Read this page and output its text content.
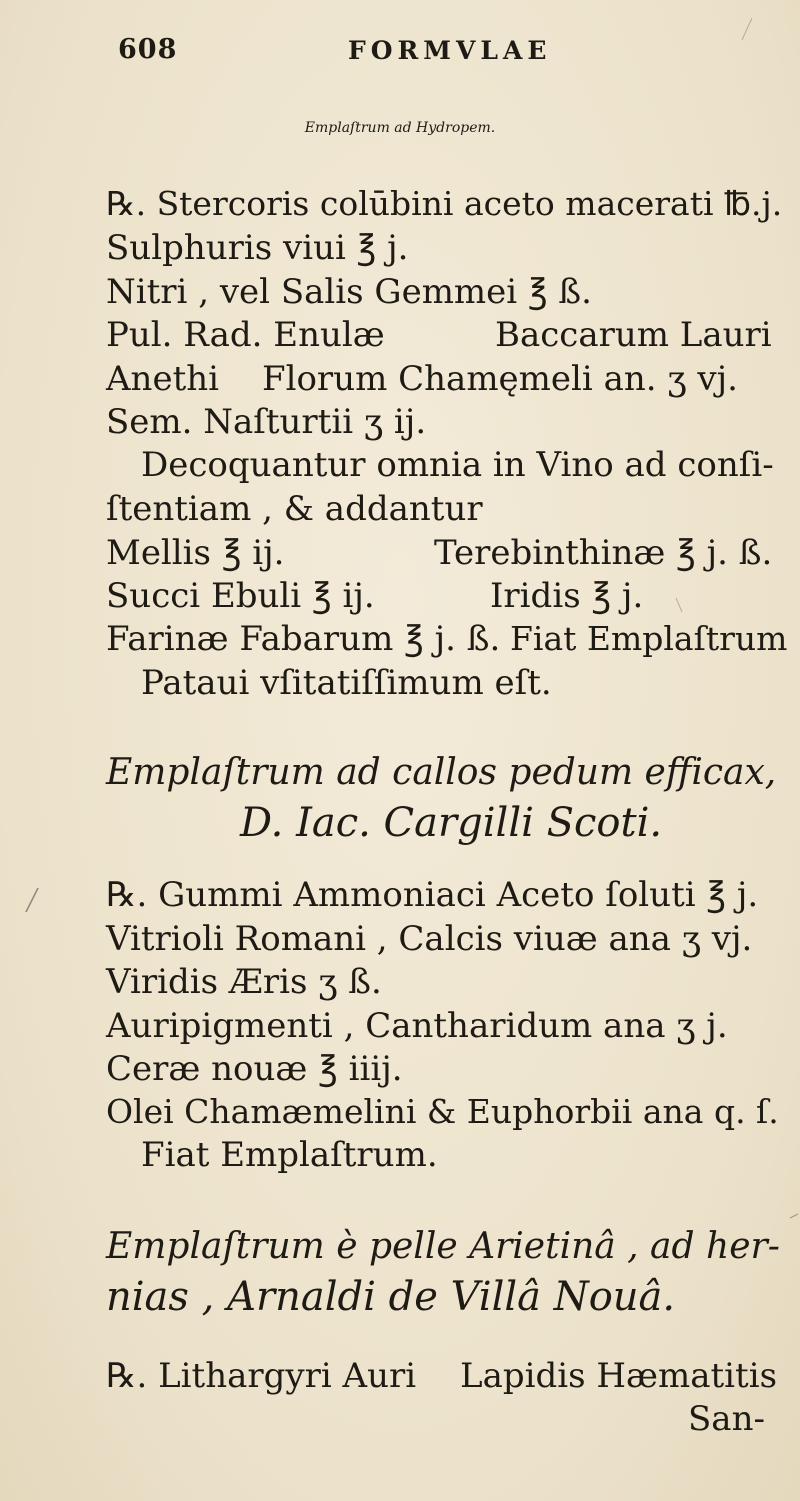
608	FORMVLAE
Emplaſtrum ad Hydropem.
℞. Stercoris colūbini aceto macerati ℔.j.
Sulphuris viui ℥ j.
Nitri , vel Salis Gemmei ℥ ß.
Pul. Rad. Enulæ	Baccarum Lauri
Anethi Florum Chamęmeli an. ʒ vj.
Sem. Naſturtii ʒ ij.
Decoquantur omnia in Vino ad conſi-
ſtentiam , & addantur
Mellis ℥ ij.	Terebinthinæ ℥ j. ß.
Succi Ebuli ℥ ij.	Iridis ℥ j.
Farinæ Fabarum ℥ j. ß. Fiat Emplaſtrum
Pataui vſitatiſſimum eſt.
Emplaſtrum ad callos pedum efficax,
D. Iac. Cargilli Scoti.
℞. Gummi Ammoniaci Aceto ſoluti ℥ j.
Vitrioli Romani , Calcis viuæ ana ʒ vj.
Viridis Æris ʒ ß.
Auripigmenti , Cantharidum ana ʒ j.
Ceræ nouæ ℥ iiij.
Olei Chamæmelini & Euphorbii ana q. ſ.
Fiat Emplaſtrum.
Emplaſtrum è pelle Arietinâ , ad her-
nias , Arnaldi de Villâ Nouâ.
℞. Lithargyri Auri Lapidis Hæmatitis
San-
